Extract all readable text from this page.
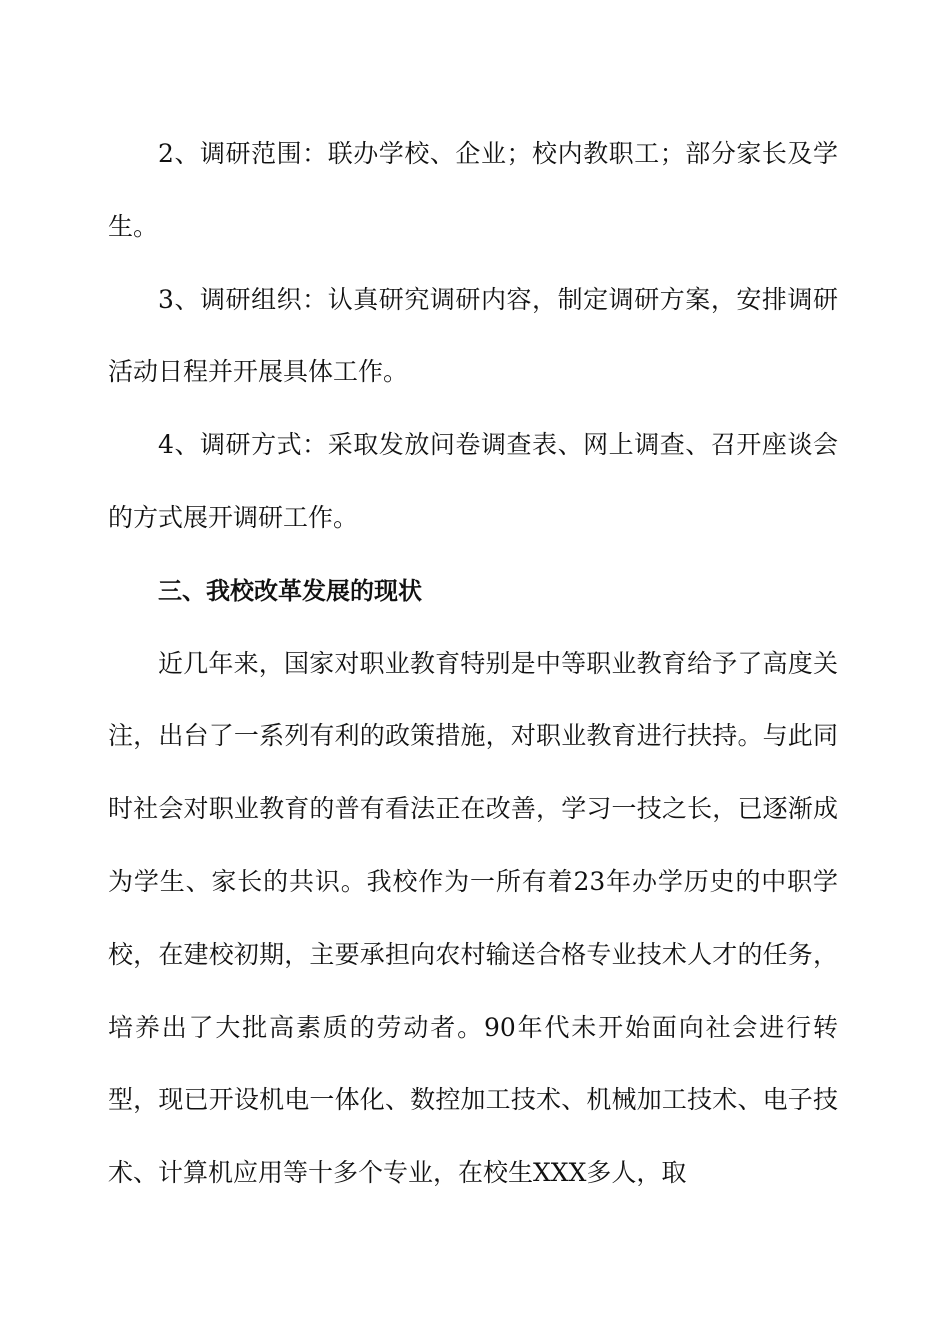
2、调研范围：联办学校、企业；校内教职工；部分家长及学生。

3、调研组织：认真研究调研内容，制定调研方案，安排调研活动日程并开展具体工作。

4、调研方式：采取发放问卷调查表、网上调查、召开座谈会的方式展开调研工作。

三、我校改革发展的现状

近几年来，国家对职业教育特别是中等职业教育给予了高度关注，出台了一系列有利的政策措施，对职业教育进行扶持。与此同时社会对职业教育的普有看法正在改善，学习一技之长，已逐渐成为学生、家长的共识。我校作为一所有着23年办学历史的中职学校，在建校初期，主要承担向农村输送合格专业技术人才的任务，培养出了大批高素质的劳动者。90年代未开始面向社会进行转型，现已开设机电一体化、数控加工技术、机械加工技术、电子技术、计算机应用等十多个专业，在校生XXX多人，取
